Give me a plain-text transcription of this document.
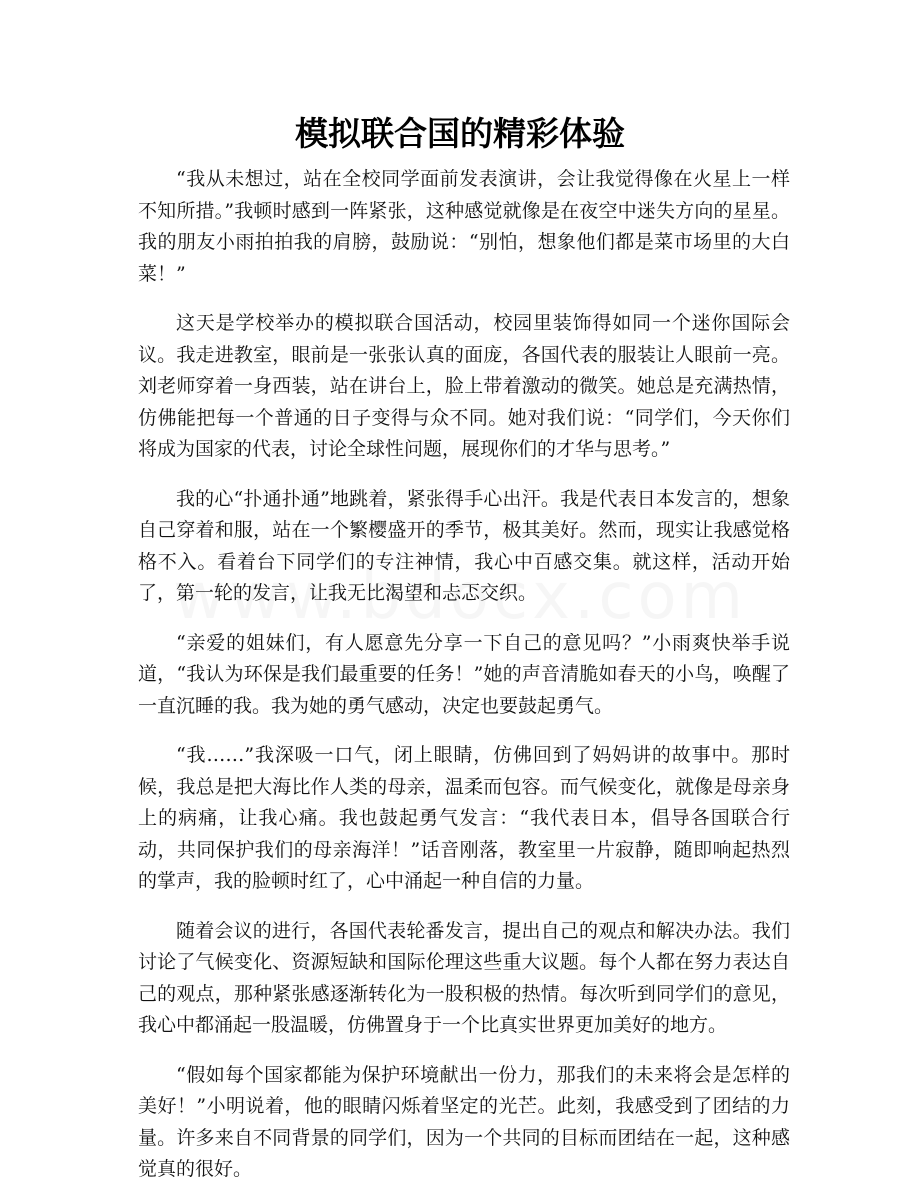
模拟联合国的精彩体验

“我从未想过，站在全校同学面前发表演讲，会让我觉得像在火星上一样不知所措。”我顿时感到一阵紧张，这种感觉就像是在夜空中迷失方向的星星。我的朋友小雨拍拍我的肩膀，鼓励说：“别怕，想象他们都是菜市场里的大白菜！”

这天是学校举办的模拟联合国活动，校园里装饰得如同一个迷你国际会议。我走进教室，眼前是一张张认真的面庞，各国代表的服装让人眼前一亮。刘老师穿着一身西装，站在讲台上，脸上带着激动的微笑。她总是充满热情，仿佛能把每一个普通的日子变得与众不同。她对我们说：“同学们，今天你们将成为国家的代表，讨论全球性问题，展现你们的才华与思考。”

我的心“扑通扑通”地跳着，紧张得手心出汗。我是代表日本发言的，想象自己穿着和服，站在一个繁樱盛开的季节，极其美好。然而，现实让我感觉格格不入。看着台下同学们的专注神情，我心中百感交集。就这样，活动开始了，第一轮的发言，让我无比渴望和忐忑交织。

“亲爱的姐妹们，有人愿意先分享一下自己的意见吗？”小雨爽快举手说道，“我认为环保是我们最重要的任务！”她的声音清脆如春天的小鸟，唤醒了一直沉睡的我。我为她的勇气感动，决定也要鼓起勇气。

“我……”我深吸一口气，闭上眼睛，仿佛回到了妈妈讲的故事中。那时候，我总是把大海比作人类的母亲，温柔而包容。而气候变化，就像是母亲身上的病痛，让我心痛。我也鼓起勇气发言：“我代表日本，倡导各国联合行动，共同保护我们的母亲海洋！”话音刚落，教室里一片寂静，随即响起热烈的掌声，我的脸顿时红了，心中涌起一种自信的力量。

随着会议的进行，各国代表轮番发言，提出自己的观点和解决办法。我们讨论了气候变化、资源短缺和国际伦理这些重大议题。每个人都在努力表达自己的观点，那种紧张感逐渐转化为一股积极的热情。每次听到同学们的意见，我心中都涌起一股温暖，仿佛置身于一个比真实世界更加美好的地方。

“假如每个国家都能为保护环境献出一份力，那我们的未来将会是怎样的美好！”小明说着，他的眼睛闪烁着坚定的光芒。此刻，我感受到了团结的力量。许多来自不同背景的同学们，因为一个共同的目标而团结在一起，这种感觉真的很好。
